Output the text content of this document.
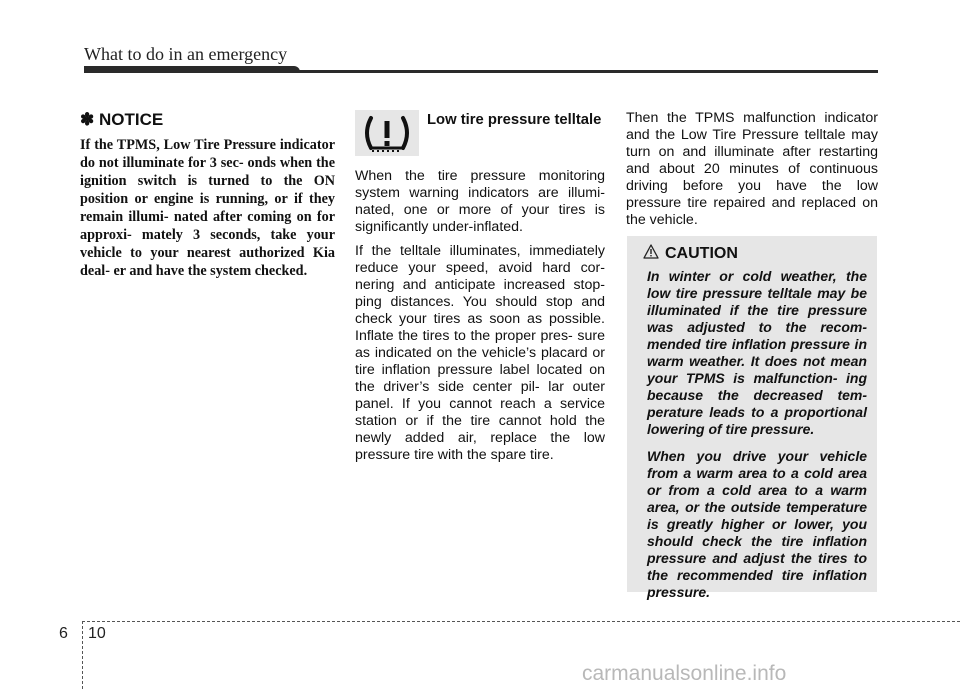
What to do in an emergency
✽ NOTICE

If the TPMS, Low Tire Pressure indicator do not illuminate for 3 sec- onds when the ignition switch is turned to the ON position or engine is running, or if they remain illumi- nated after coming on for approxi- mately 3 seconds, take your vehicle to your nearest authorized Kia deal- er and have the system checked.

Low tire pressure telltale

When the tire pressure monitoring system warning indicators are illumi- nated, one or more of your tires is significantly under-inflated.

If the telltale illuminates, immediately reduce your speed, avoid hard cor- nering and anticipate increased stop- ping distances. You should stop and check your tires as soon as possible. Inflate the tires to the proper pres- sure as indicated on the vehicle’s placard or tire inflation pressure label located on the driver’s side center pil- lar outer panel. If you cannot reach a service station or if the tire cannot hold the newly added air, replace the low pressure tire with the spare tire.

Then the TPMS malfunction indicator and the Low Tire Pressure telltale may turn on and illuminate after restarting and about 20 minutes of continuous driving before you have the low pressure tire repaired and replaced on the vehicle.

CAUTION

In winter or cold weather, the low tire pressure telltale may be illuminated if the tire pressure was adjusted to the recom- mended tire inflation pressure in warm weather. It does not mean your TPMS is malfunction- ing because the decreased tem- perature leads to a proportional lowering of tire pressure.

When you drive your vehicle from a warm area to a cold area or from a cold area to a warm area, or the outside temperature is greatly higher or lower, you should check the tire inflation pressure and adjust the tires to the recommended tire inflation pressure.

6 10
carmanualsonline.info
